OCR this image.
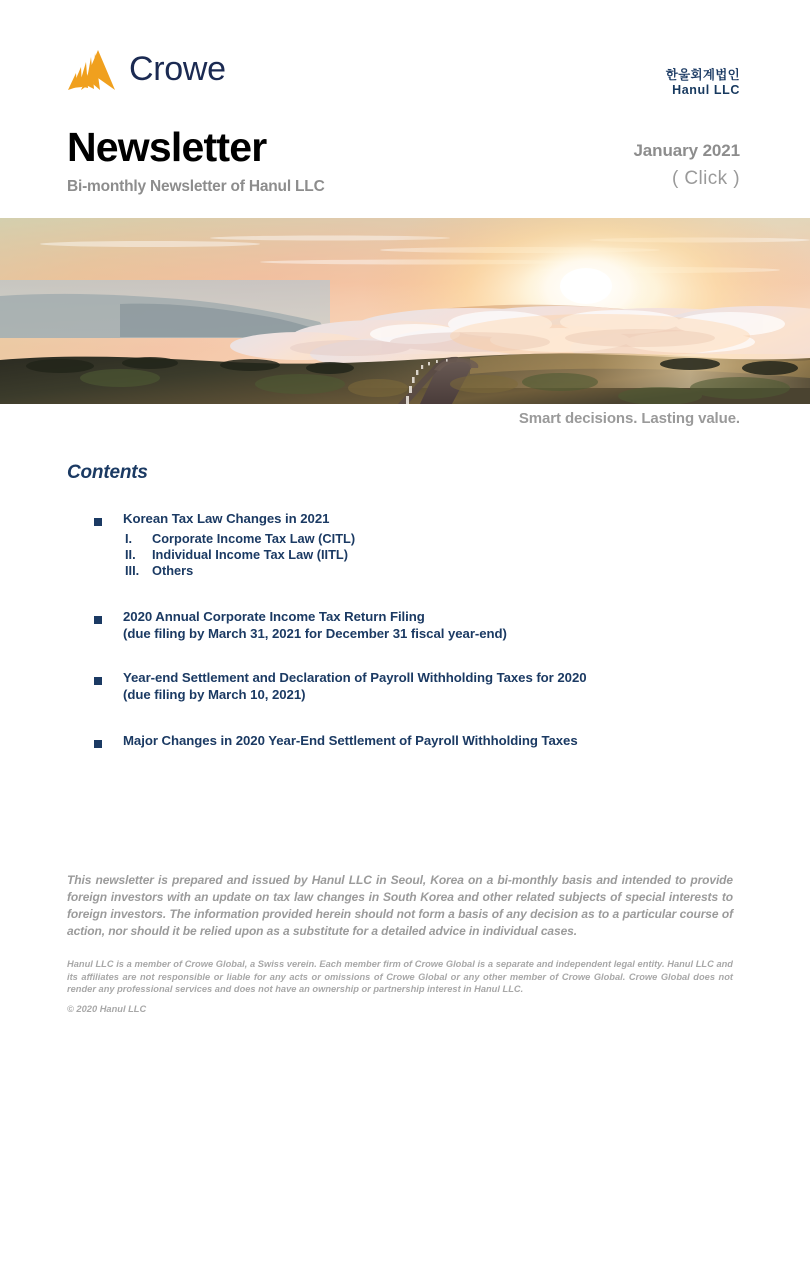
Crowe	한울회계법인
Hanul LLC
Newsletter
Bi-monthly Newsletter of Hanul LLC
January 2021
( Click )
Smart decisions. Lasting value.
Contents
Korean Tax Law Changes in 2021
I.	Corporate Income Tax Law (CITL)
II.	Individual Income Tax Law (IITL)
III. Others
2020 Annual Corporate Income Tax Return Filing
(due filing by March 31, 2021 for December 31 fiscal year-end)
Year-end Settlement and Declaration of Payroll Withholding Taxes for 2020
(due filing by March 10, 2021)
Major Changes in 2020 Year-End Settlement of Payroll Withholding Taxes
This newsletter is prepared and issued by Hanul LLC in Seoul, Korea on a bi-monthly basis and intended to provide foreign investors with an update on tax law changes in South Korea and other related subjects of special interests to foreign investors. The information provided herein should not form a basis of any decision as to a particular course of action, nor should it be relied upon as a substitute for a detailed advice in individual cases.
Hanul LLC is a member of Crowe Global, a Swiss verein. Each member firm of Crowe Global is a separate and independent legal entity. Hanul LLC and its affiliates are not responsible or liable for any acts or omissions of Crowe Global or any other member of Crowe Global. Crowe Global does not render any professional services and does not have an ownership or partnership interest in Hanul LLC.
© 2020 Hanul LLC
